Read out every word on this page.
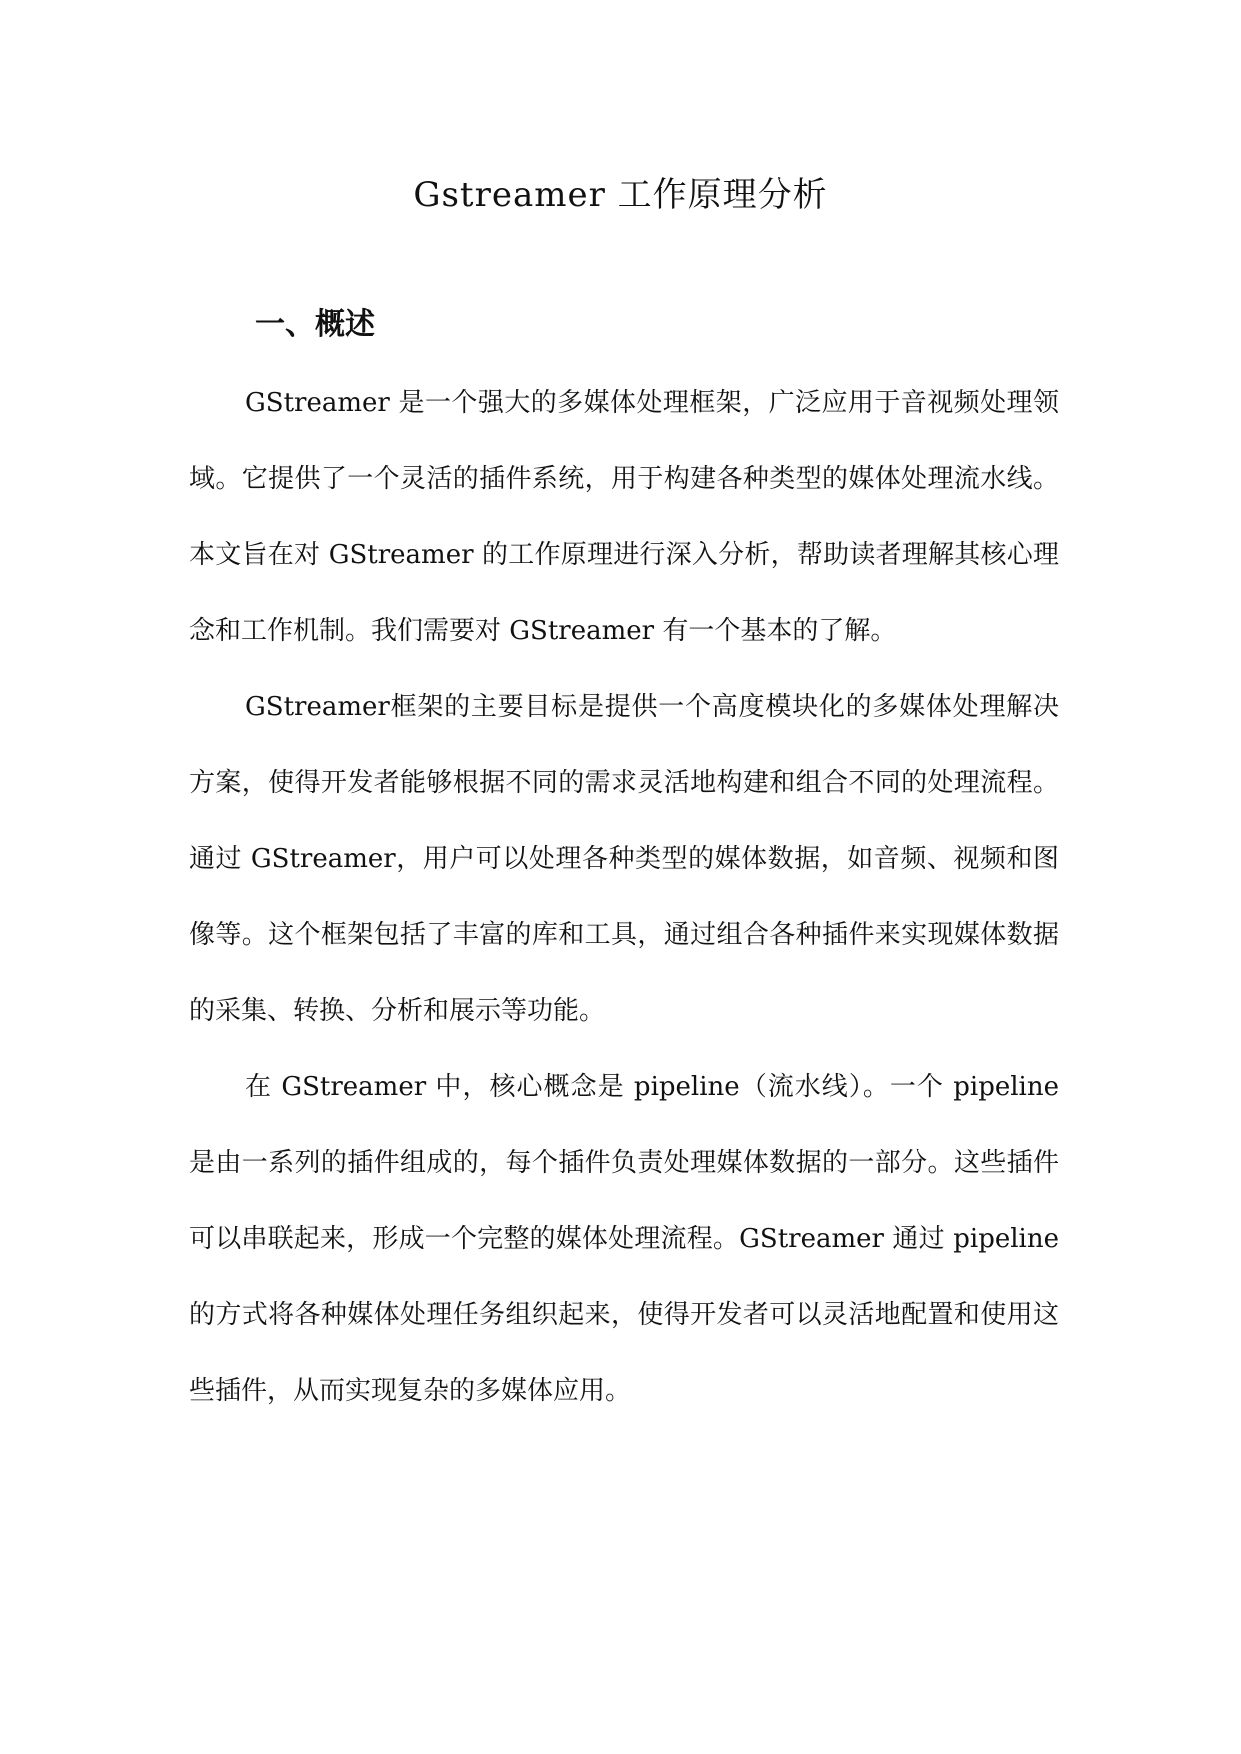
Gstreamer 工作原理分析
一、概述

GStreamer 是一个强大的多媒体处理框架，广泛应用于音视频处理领域。它提供了一个灵活的插件系统，用于构建各种类型的媒体处理流水线。本文旨在对 GStreamer 的工作原理进行深入分析，帮助读者理解其核心理念和工作机制。我们需要对 GStreamer 有一个基本的了解。

GStreamer框架的主要目标是提供一个高度模块化的多媒体处理解决方案，使得开发者能够根据不同的需求灵活地构建和组合不同的处理流程。通过 GStreamer，用户可以处理各种类型的媒体数据，如音频、视频和图像等。这个框架包括了丰富的库和工具，通过组合各种插件来实现媒体数据的采集、转换、分析和展示等功能。

在 GStreamer 中，核心概念是 pipeline（流水线）。一个 pipeline 是由一系列的插件组成的，每个插件负责处理媒体数据的一部分。这些插件可以串联起来，形成一个完整的媒体处理流程。GStreamer 通过 pipeline 的方式将各种媒体处理任务组织起来，使得开发者可以灵活地配置和使用这些插件，从而实现复杂的多媒体应用。
